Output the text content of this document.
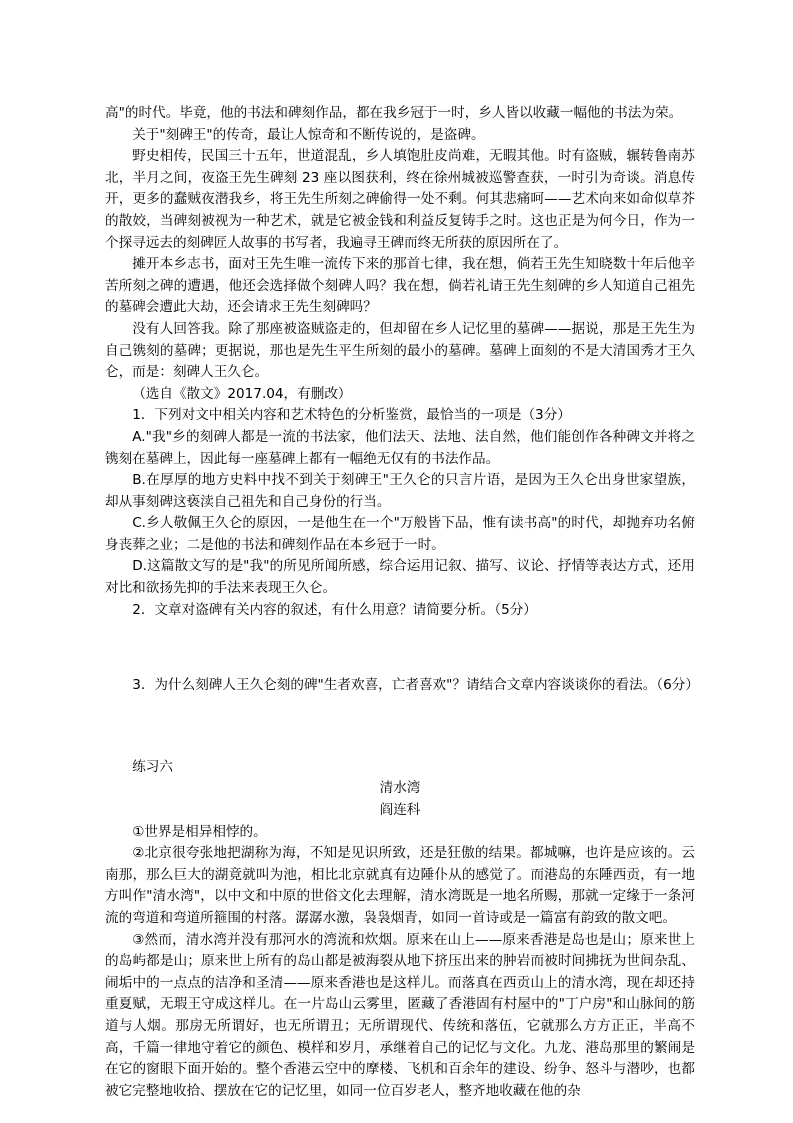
高"的时代。毕竟，他的书法和碑刻作品，都在我乡冠于一时，乡人皆以收藏一幅他的书法为荣。

关于"刻碑王"的传奇，最让人惊奇和不断传说的，是盗碑。

野史相传，民国三十五年，世道混乱，乡人填饱肚皮尚难，无暇其他。时有盗贼，辗转鲁南苏北，半月之间，夜盗王先生碑刻 23 座以图获利，终在徐州城被巡警查获，一时引为奇谈。消息传开，更多的蠢贼夜潜我乡，将王先生所刻之碑偷得一处不剩。何其悲痛呵——艺术向来如命似草芥的散姣，当碑刻被视为一种艺术，就是它被金钱和利益反复铸手之时。这也正是为何今日，作为一个探寻远去的刻碑匠人故事的书写者，我遍寻王碑而终无所获的原因所在了。

摊开本乡志书，面对王先生唯一流传下来的那首七律，我在想，倘若王先生知晓数十年后他辛苦所刻之碑的遭遇，他还会选择做个刻碑人吗？我在想，倘若礼请王先生刻碑的乡人知道自己祖先的墓碑会遭此大劫，还会请求王先生刻碑吗？

没有人回答我。除了那座被盗贼盗走的，但却留在乡人记忆里的墓碑——据说，那是王先生为自己镌刻的墓碑；更据说，那也是先生平生所刻的最小的墓碑。墓碑上面刻的不是大清国秀才王久仑，而是：刻碑人王久仑。

（选自《散文》2017.04，有删改）

1．下列对文中相关内容和艺术特色的分析鉴赏，最恰当的一项是（3分）

A."我"乡的刻碑人都是一流的书法家，他们法天、法地、法自然，他们能创作各种碑文并将之镌刻在墓碑上，因此每一座墓碑上都有一幅绝无仅有的书法作品。

B.在厚厚的地方史料中找不到关于刻碑王"王久仑的只言片语，是因为王久仑出身世家望族，却从事刻碑这亵渎自己祖先和自己身份的行当。

C.乡人敬佩王久仑的原因，一是他生在一个"万般皆下品，惟有读书高"的时代，却抛弃功名俯身丧葬之业；二是他的书法和碑刻作品在本乡冠于一时。

D.这篇散文写的是"我"的所见所闻所感，综合运用记叙、描写、议论、抒情等表达方式，还用对比和欲扬先抑的手法来表现王久仑。

2．文章对盗碑有关内容的叙述，有什么用意？请简要分析。（5分）

3．为什么刻碑人王久仑刻的碑"生者欢喜，亡者喜欢"？请结合文章内容谈谈你的看法。（6分）

练习六

清水湾

阎连科

①世界是相异相悖的。

②北京很夸张地把湖称为海，不知是见识所致，还是狂傲的结果。都城嘛，也许是应该的。云南那，那么巨大的湖竟就叫为池，相比北京就真有边陲仆从的感觉了。而港岛的东陲西贡，有一地方叫作"清水湾"，以中文和中原的世俗文化去理解，清水湾既是一地名所赐，那就一定缘于一条河流的弯道和弯道所箍围的村落。潺潺水激，袅袅烟青，如同一首诗或是一篇富有韵致的散文吧。

③然而，清水湾并没有那河水的湾流和炊烟。原来在山上——原来香港是岛也是山；原来世上的岛屿都是山；原来世上所有的岛山都是被海裂从地下挤压出来的肿岩而被时间拂抚为世间杂乱、闹垢中的一点点的洁净和圣清——原来香港也是这样儿。而落真在西贡山上的清水湾，现在却还持重夏赋，无瑕王守成这样儿。在一片岛山云雾里，匿藏了香港固有村屋中的"丁户房"和山脉间的筋道与人烟。那房无所谓好，也无所谓丑；无所谓现代、传统和落伍，它就那么方方正正，半高不高，千篇一律地守着它的颜色、模样和岁月，承继着自己的记忆与文化。九龙、港岛那里的繁闹是在它的窗眼下面开始的。整个香港云空中的摩楼、飞机和百余年的建设、纷争、怒斗与潜吵，也都被它完整地收拾、摆放在它的记忆里，如同一位百岁老人，整齐地收藏在他的杂
